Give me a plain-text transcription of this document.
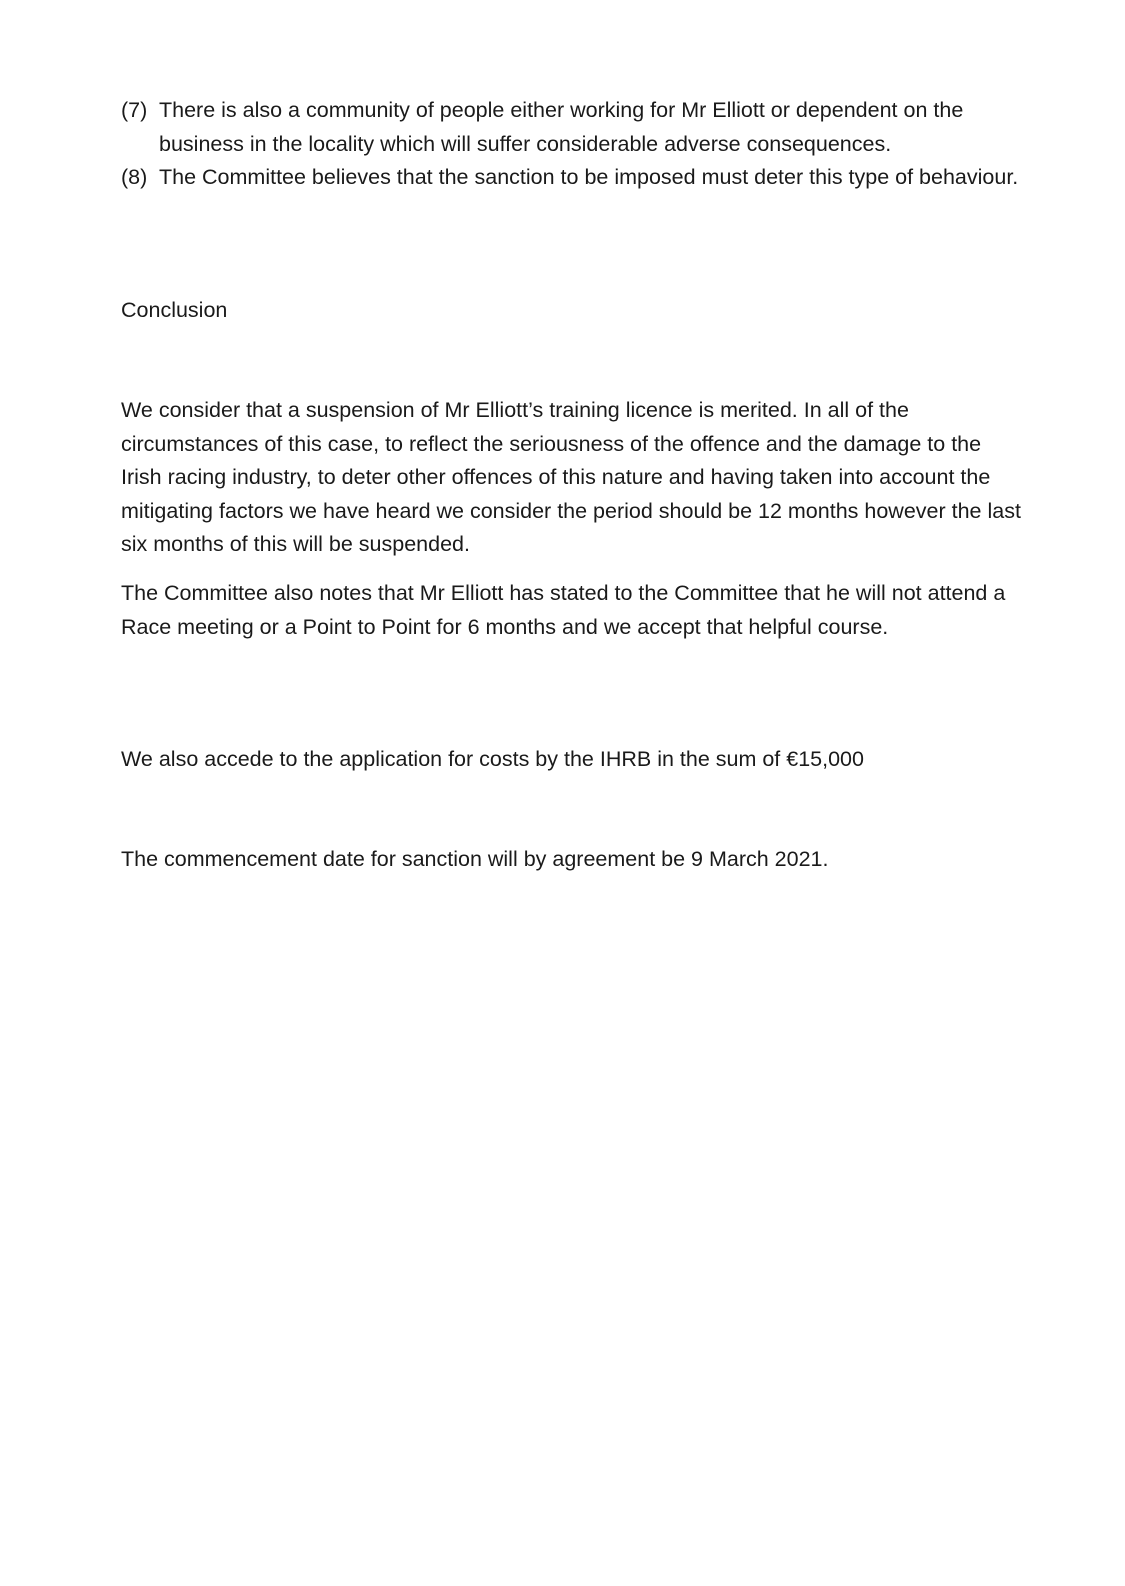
(7) There is also a community of people either working for Mr Elliott or dependent on the business in the locality which will suffer considerable adverse consequences.
(8) The Committee believes that the sanction to be imposed must deter this type of behaviour.
Conclusion

We consider that a suspension of Mr Elliott’s training licence is merited. In all of the circumstances of this case, to reflect the seriousness of the offence and the damage to the Irish racing industry, to deter other offences of this nature and having taken into account the mitigating factors we have heard we consider the period should be 12 months however the last six months of this will be suspended.

The Committee also notes that Mr Elliott has stated to the Committee that he will not attend a Race meeting or a Point to Point for 6 months and we accept that helpful course.

We also accede to the application for costs by the IHRB in the sum of €15,000

The commencement date for sanction will by agreement be 9 March 2021.
